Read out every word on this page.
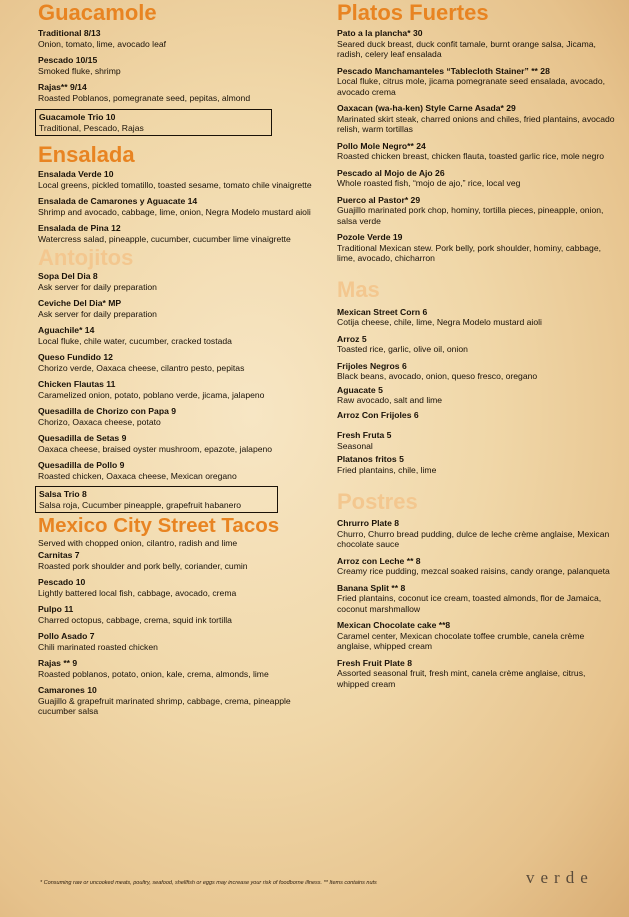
Guacamole
Traditional 8/13
Onion, tomato, lime, avocado leaf
Pescado 10/15
Smoked fluke, shrimp
Rajas** 9/14
Roasted Poblanos, pomegranate seed, pepitas, almond
Guacamole Trio 10
Traditional, Pescado, Rajas
Ensalada
Ensalada Verde 10
Local greens, pickled tomatillo, toasted sesame, tomato chile vinaigrette
Ensalada de Camarones y Aguacate 14
Shrimp and avocado, cabbage, lime, onion, Negra Modelo mustard aioli
Ensalada de Pina 12
Watercress salad, pineapple, cucumber, cucumber lime vinaigrette
Antojitos
Sopa Del Dia 8
Ask server for daily preparation
Ceviche Del Dia* MP
Ask server for daily preparation
Aguachile* 14
Local fluke, chile water, cucumber, cracked tostada
Queso Fundido 12
Chorizo verde, Oaxaca cheese, cilantro pesto, pepitas
Chicken Flautas 11
Caramelized onion, potato, poblano verde, jicama, jalapeno
Quesadilla de Chorizo con Papa 9
Chorizo, Oaxaca cheese, potato
Quesadilla de Setas 9
Oaxaca cheese, braised oyster mushroom, epazote, jalapeno
Quesadilla de Pollo 9
Roasted chicken, Oaxaca cheese, Mexican oregano
Salsa Trio 8
Salsa roja, Cucumber pineapple, grapefruit habanero
Mexico City Street Tacos
Served with chopped onion, cilantro, radish and lime
Carnitas 7
Roasted pork shoulder and pork belly, coriander, cumin
Pescado 10
Lightly battered local fish, cabbage, avocado, crema
Pulpo 11
Charred octopus, cabbage, crema, squid ink tortilla
Pollo Asado 7
Chili marinated roasted chicken
Rajas ** 9
Roasted poblanos, potato, onion, kale, crema, almonds, lime
Camarones 10
Guajillo & grapefruit marinated shrimp, cabbage, crema, pineapple cucumber salsa
Platos Fuertes
Pato a la plancha* 30
Seared duck breast, duck confit tamale, burnt orange salsa, Jicama, radish, celery leaf ensalada
Pescado Manchamanteles “Tablecloth Stainer” ** 28
Local fluke, citrus mole, jicama pomegranate seed ensalada, avocado, avocado crema
Oaxacan (wa-ha-ken) Style Carne Asada* 29
Marinated skirt steak, charred onions and chiles, fried plantains, avocado relish, warm tortillas
Pollo Mole Negro** 24
Roasted chicken breast, chicken flauta, toasted garlic rice, mole negro
Pescado al Mojo de Ajo 26
Whole roasted fish, “mojo de ajo,” rice, local veg
Puerco al Pastor* 29
Guajillo marinated pork chop, hominy, tortilla pieces, pineapple, onion, salsa verde
Pozole Verde 19
Traditional Mexican stew. Pork belly, pork shoulder, hominy, cabbage, lime, avocado, chicharron
Mas
Mexican Street Corn 6
Cotija cheese, chile, lime, Negra Modelo mustard aioli
Arroz 5
Toasted rice, garlic, olive oil, onion
Frijoles Negros 6
Black beans, avocado, onion, queso fresco, oregano
Aguacate 5
Raw avocado, salt and lime
Arroz Con Frijoles 6
Fresh Fruta 5
Seasonal
Platanos fritos 5
Fried plantains, chile, lime
Postres
Chrurro Plate 8
Churro, Churro bread pudding, dulce de leche crème anglaise, Mexican chocolate sauce
Arroz con Leche ** 8
Creamy rice pudding, mezcal soaked raisins, candy orange, palanqueta
Banana Split ** 8
Fried plantains, coconut ice cream, toasted almonds, flor de Jamaica, coconut marshmallow
Mexican Chocolate cake **8
Caramel center, Mexican chocolate toffee crumble, canela crème anglaise, whipped cream
Fresh Fruit Plate 8
Assorted seasonal fruit, fresh mint, canela crème anglaise, citrus, whipped cream
* Consuming raw or uncooked meats, poultry, seafood, shellfish or eggs may increase your risk of foodborne illness. ** Items contains nuts	verde
